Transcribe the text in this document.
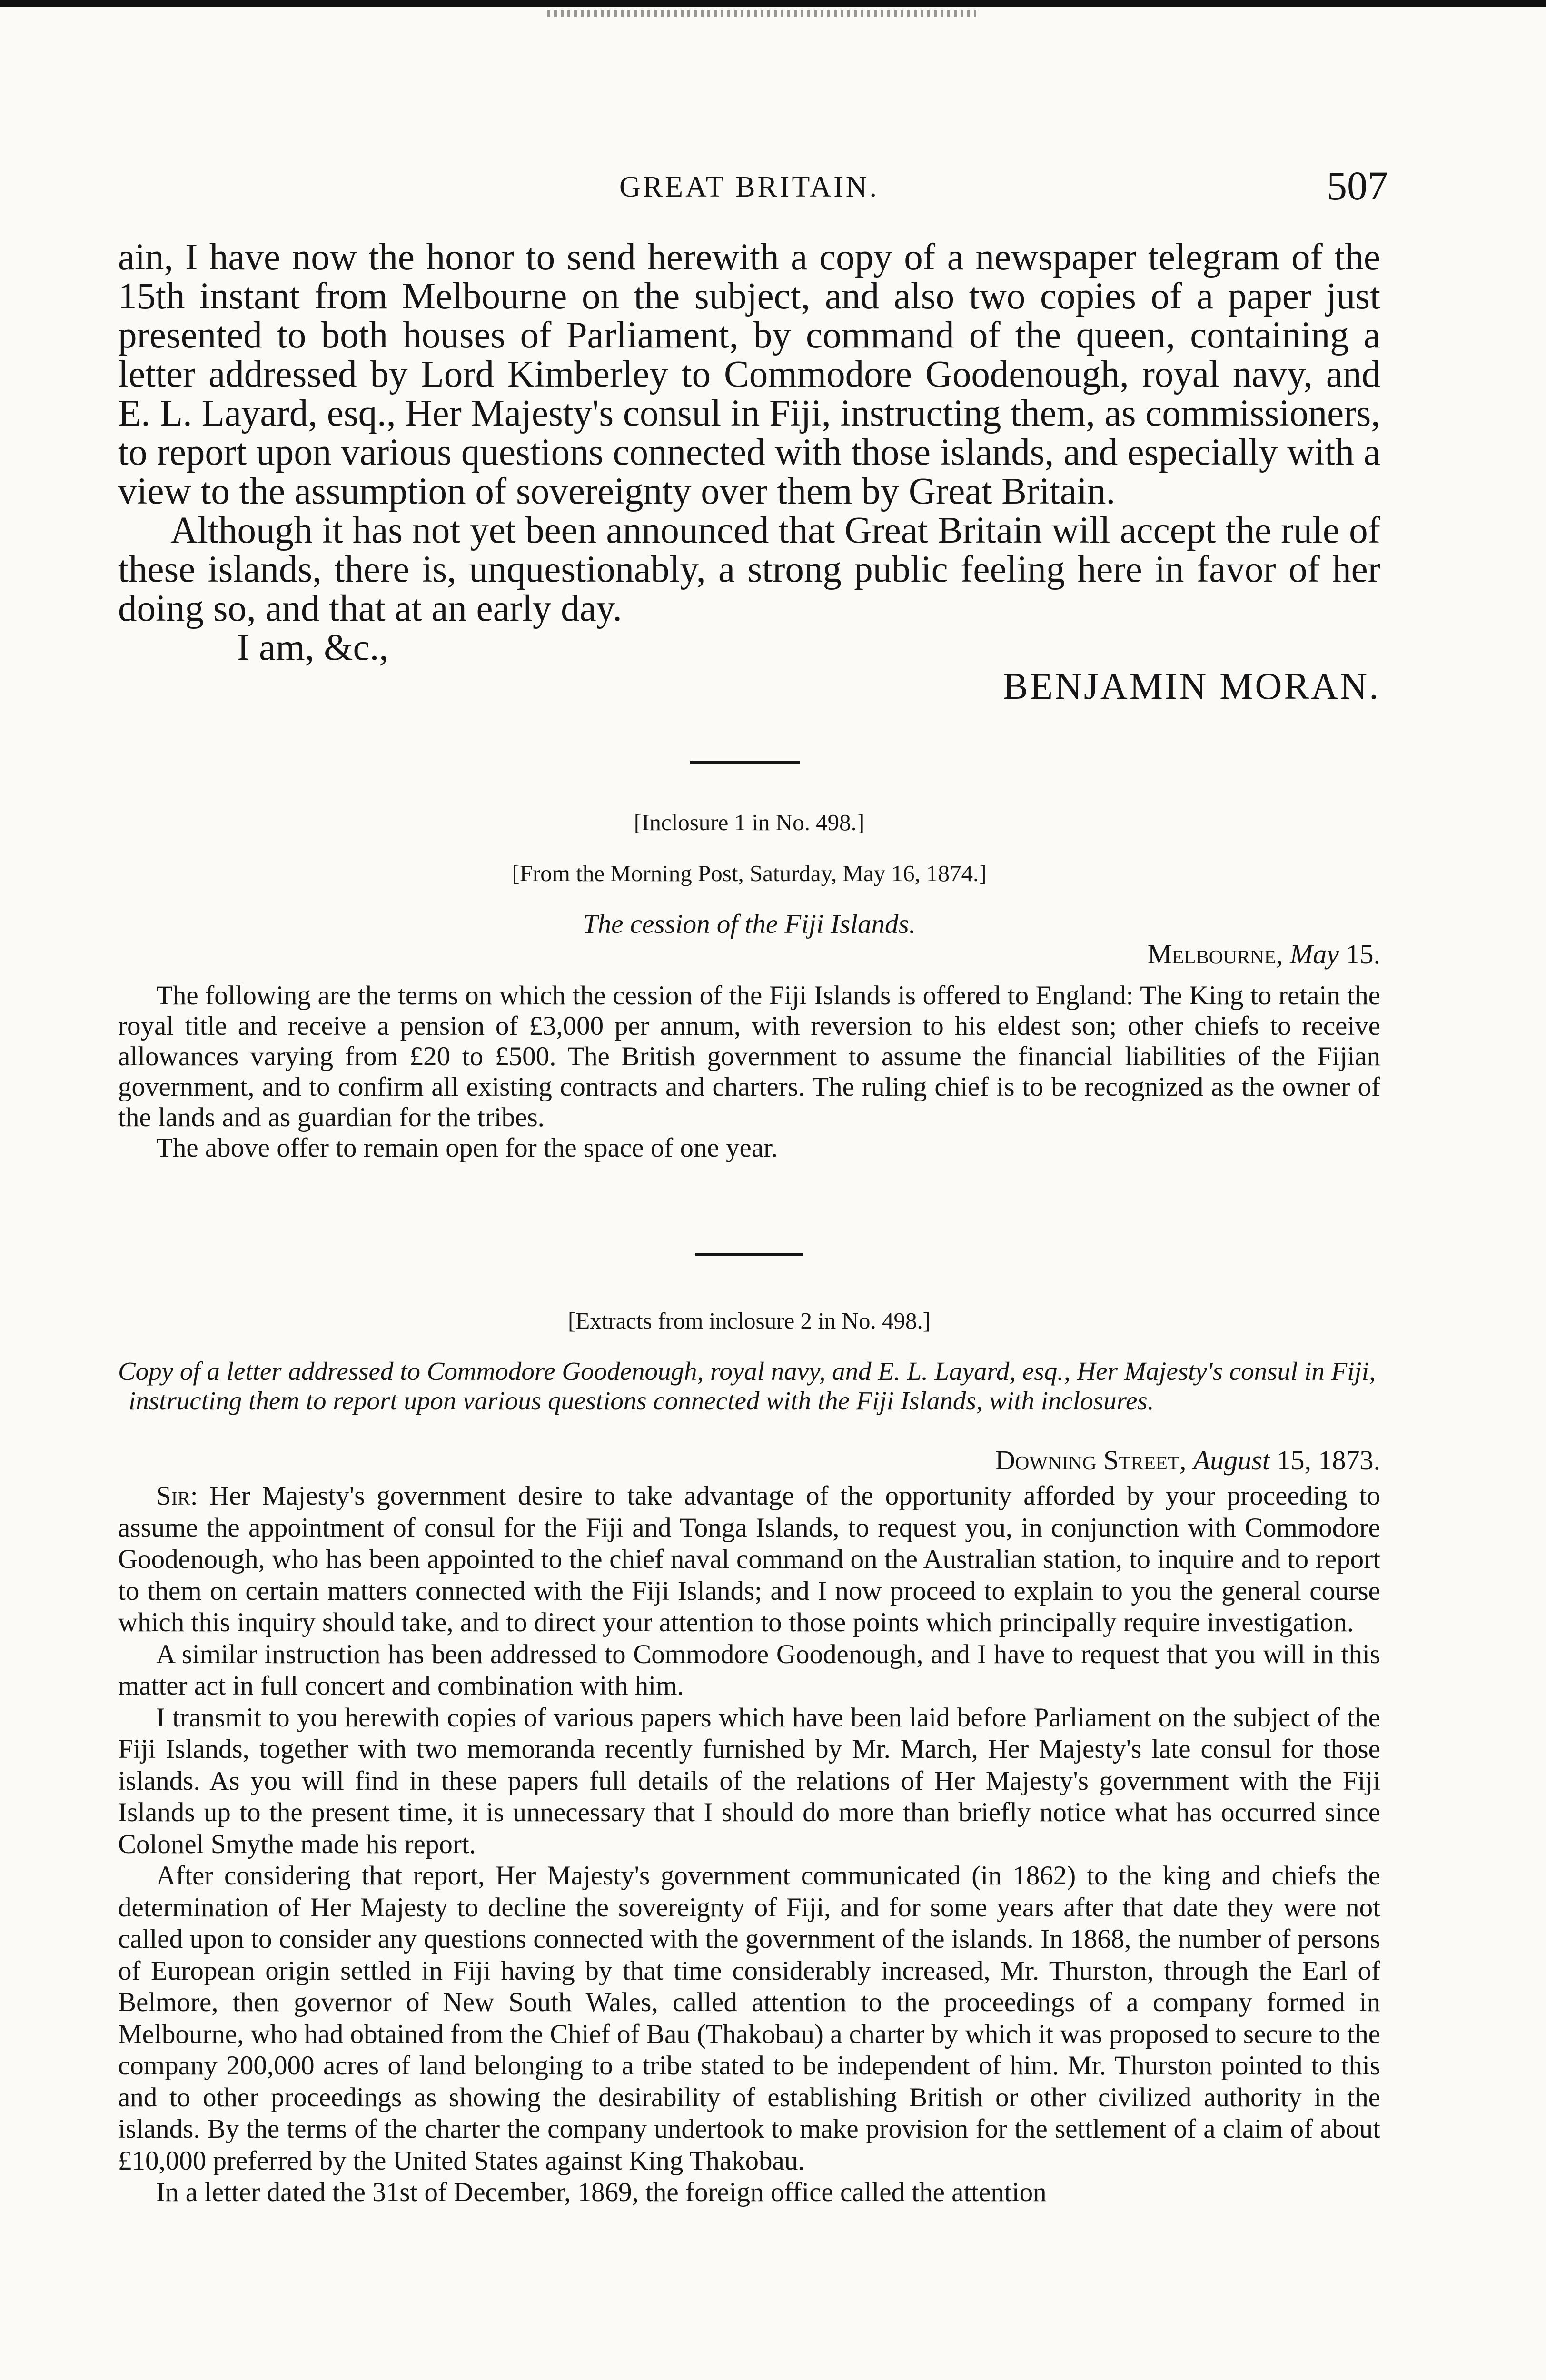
GREAT BRITAIN.	507

ain, I have now the honor to send herewith a copy of a newspaper telegram of the 15th instant from Melbourne on the subject, and also two copies of a paper just presented to both houses of Parliament, by command of the queen, containing a letter addressed by Lord Kimberley to Commodore Goodenough, royal navy, and E. L. Layard, esq., Her Majesty's consul in Fiji, instructing them, as commissioners, to report upon various questions connected with those islands, and especially with a view to the assumption of sovereignty over them by Great Britain.

Although it has not yet been announced that Great Britain will accept the rule of these islands, there is, unquestionably, a strong public feeling here in favor of her doing so, and that at an early day.

I am, &c.,

BENJAMIN MORAN.

[Inclosure 1 in No. 498.]
[From the Morning Post, Saturday, May 16, 1874.]
The cession of the Fiji Islands.
Melbourne, May 15.

The following are the terms on which the cession of the Fiji Islands is offered to England: The King to retain the royal title and receive a pension of £3,000 per annum, with reversion to his eldest son; other chiefs to receive allowances varying from £20 to £500. The British government to assume the financial liabilities of the Fijian government, and to confirm all existing contracts and charters. The ruling chief is to be recognized as the owner of the lands and as guardian for the tribes.

The above offer to remain open for the space of one year.

[Extracts from inclosure 2 in No. 498.]
Copy of a letter addressed to Commodore Goodenough, royal navy, and E. L. Layard, esq., Her Majesty's consul in Fiji, instructing them to report upon various questions connected with the Fiji Islands, with inclosures.
Downing Street, August 15, 1873.

Sir: Her Majesty's government desire to take advantage of the opportunity afforded by your proceeding to assume the appointment of consul for the Fiji and Tonga Islands, to request you, in conjunction with Commodore Goodenough, who has been appointed to the chief naval command on the Australian station, to inquire and to report to them on certain matters connected with the Fiji Islands; and I now proceed to explain to you the general course which this inquiry should take, and to direct your attention to those points which principally require investigation.

A similar instruction has been addressed to Commodore Goodenough, and I have to request that you will in this matter act in full concert and combination with him.

I transmit to you herewith copies of various papers which have been laid before Parliament on the subject of the Fiji Islands, together with two memoranda recently furnished by Mr. March, Her Majesty's late consul for those islands. As you will find in these papers full details of the relations of Her Majesty's government with the Fiji Islands up to the present time, it is unnecessary that I should do more than briefly notice what has occurred since Colonel Smythe made his report.

After considering that report, Her Majesty's government communicated (in 1862) to the king and chiefs the determination of Her Majesty to decline the sovereignty of Fiji, and for some years after that date they were not called upon to consider any questions connected with the government of the islands. In 1868, the number of persons of European origin settled in Fiji having by that time considerably increased, Mr. Thurston, through the Earl of Belmore, then governor of New South Wales, called attention to the proceedings of a company formed in Melbourne, who had obtained from the Chief of Bau (Thakobau) a charter by which it was proposed to secure to the company 200,000 acres of land belonging to a tribe stated to be independent of him. Mr. Thurston pointed to this and to other proceedings as showing the desirability of establishing British or other civilized authority in the islands. By the terms of the charter the company undertook to make provision for the settlement of a claim of about £10,000 preferred by the United States against King Thakobau.

In a letter dated the 31st of December, 1869, the foreign office called the attention
